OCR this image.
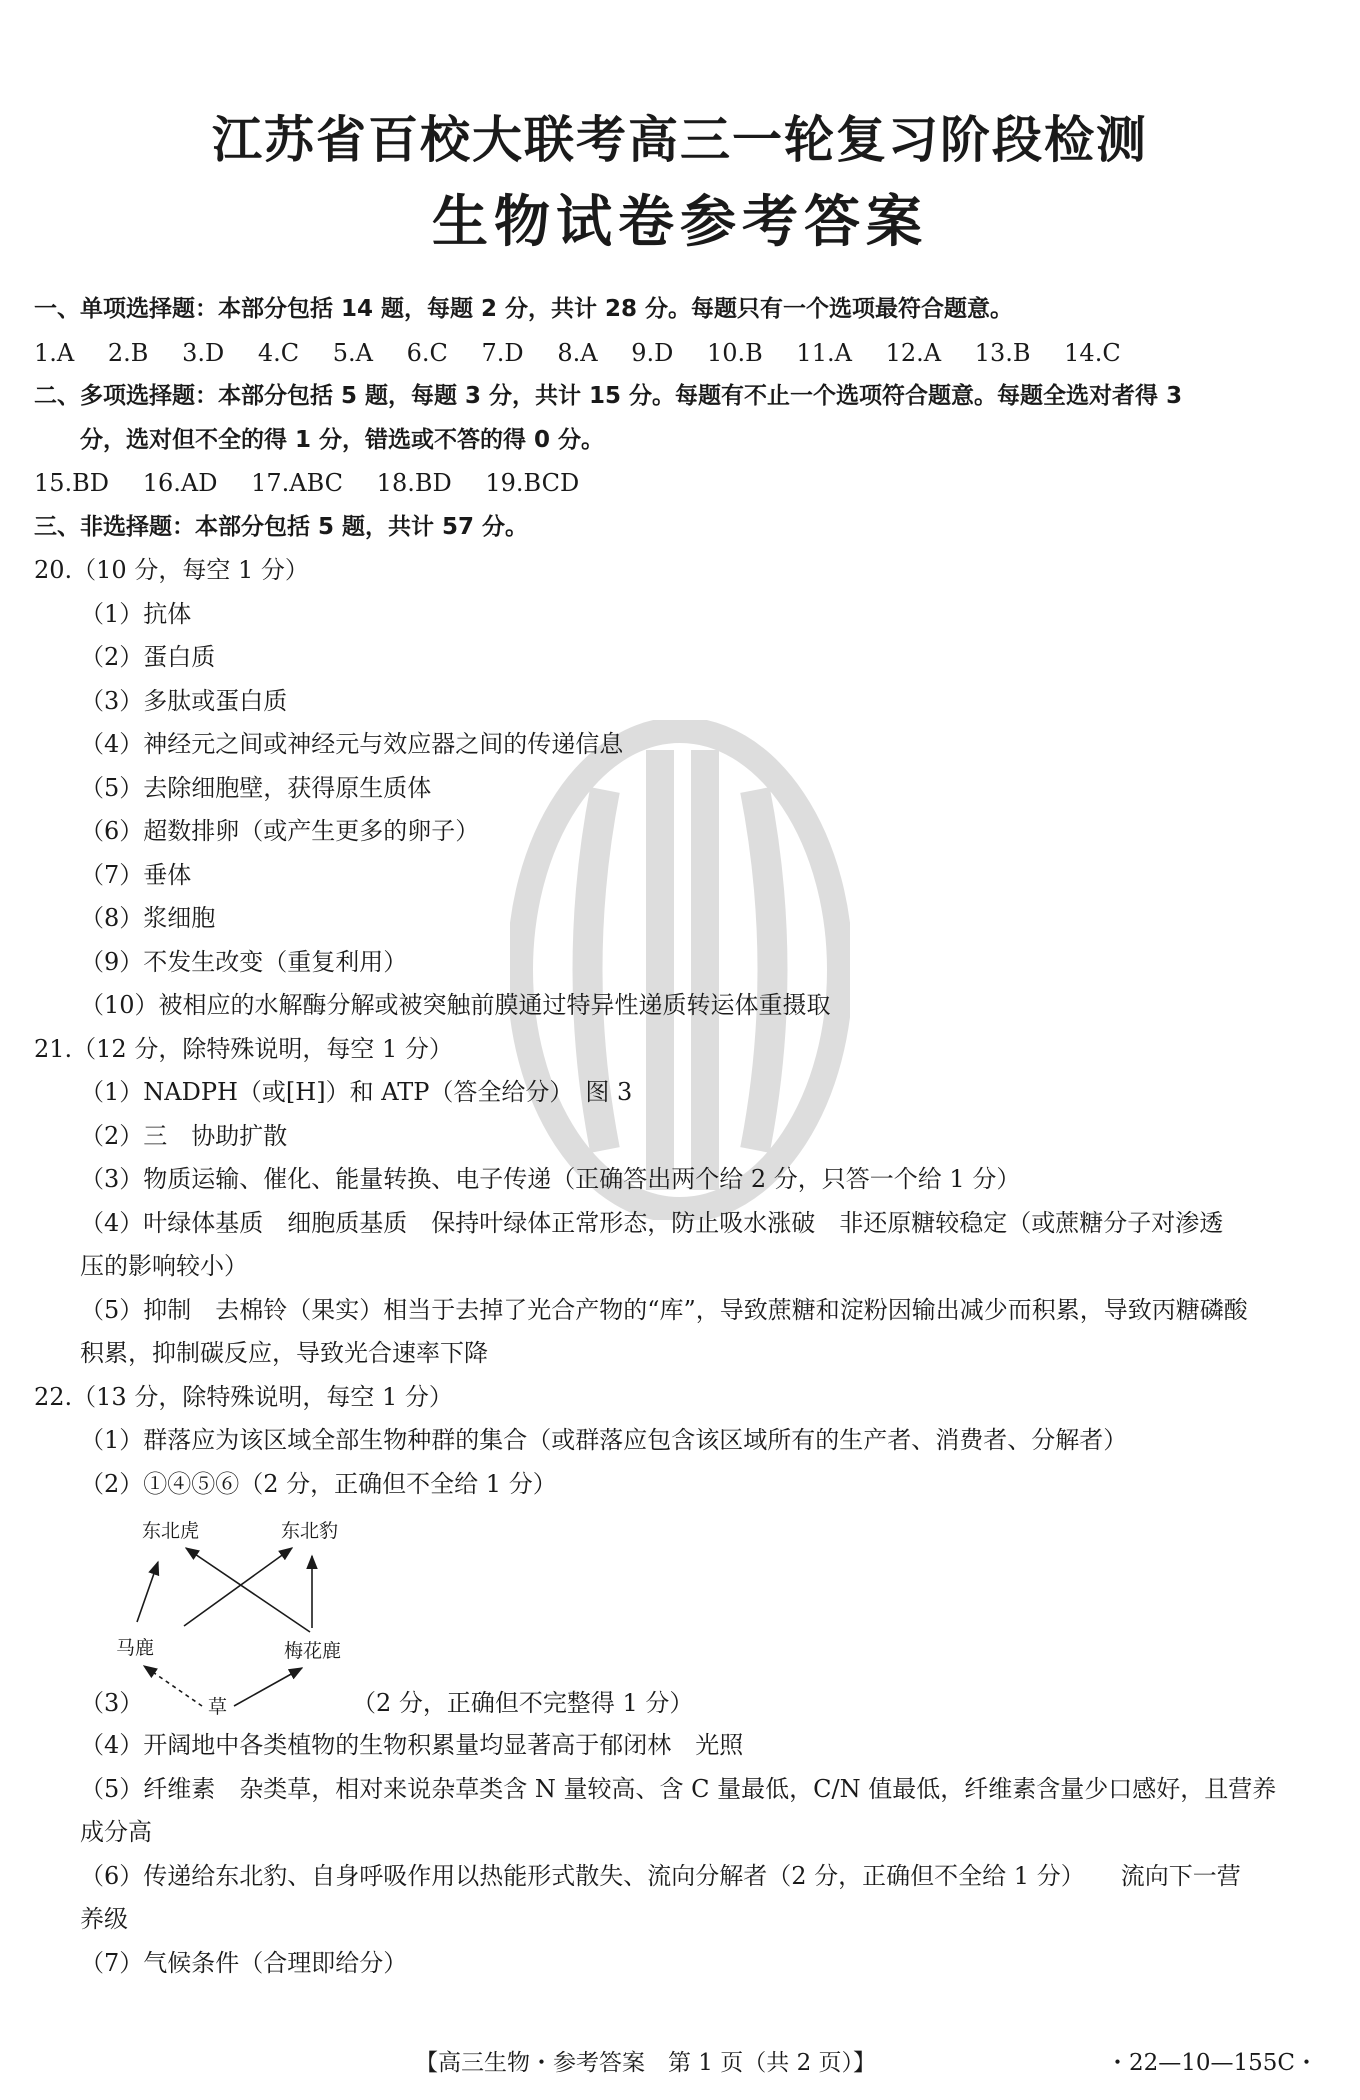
江苏省百校大联考高三一轮复习阶段检测
生物试卷参考答案
一、单项选择题：本部分包括 14 题，每题 2 分，共计 28 分。每题只有一个选项最符合题意。
1.A 2.B 3.D 4.C 5.A 6.C 7.D 8.A 9.D 10.B 11.A 12.A 13.B 14.C
二、多项选择题：本部分包括 5 题，每题 3 分，共计 15 分。每题有不止一个选项符合题意。每题全选对者得 3
分，选对但不全的得 1 分，错选或不答的得 0 分。
15.BD 16.AD 17.ABC 18.BD 19.BCD
三、非选择题：本部分包括 5 题，共计 57 分。
20.（10 分，每空 1 分）
（1）抗体
（2）蛋白质
（3）多肽或蛋白质
（4）神经元之间或神经元与效应器之间的传递信息
（5）去除细胞壁，获得原生质体
（6）超数排卵（或产生更多的卵子）
（7）垂体
（8）浆细胞
（9）不发生改变（重复利用）
（10）被相应的水解酶分解或被突触前膜通过特异性递质转运体重摄取
21.（12 分，除特殊说明，每空 1 分）
（1）NADPH（或[H]）和 ATP（答全给分）　图 3
（2）三　协助扩散
（3）物质运输、催化、能量转换、电子传递（正确答出两个给 2 分，只答一个给 1 分）
（4）叶绿体基质　细胞质基质　保持叶绿体正常形态，防止吸水涨破　非还原糖较稳定（或蔗糖分子对渗透
压的影响较小）
（5）抑制　去棉铃（果实）相当于去掉了光合产物的“库”，导致蔗糖和淀粉因输出减少而积累，导致丙糖磷酸
积累，抑制碳反应，导致光合速率下降
22.（13 分，除特殊说明，每空 1 分）
（1）群落应为该区域全部生物种群的集合（或群落应包含该区域所有的生产者、消费者、分解者）
（2）①④⑤⑥（2 分，正确但不全给 1 分）
东北虎	东北豹
马鹿	梅花鹿
（3）	草	（2 分，正确但不完整得 1 分）
（4）开阔地中各类植物的生物积累量均显著高于郁闭林　光照
（5）纤维素　杂类草，相对来说杂草类含 N 量较高、含 C 量最低，C/N 值最低，纤维素含量少口感好，且营养
成分高
（6）传递给东北豹、自身呼吸作用以热能形式散失、流向分解者（2 分，正确但不全给 1 分）　　流向下一营
养级
（7）气候条件（合理即给分）
【高三生物・参考答案　第 1 页（共 2 页）】	・22—10—155C・
